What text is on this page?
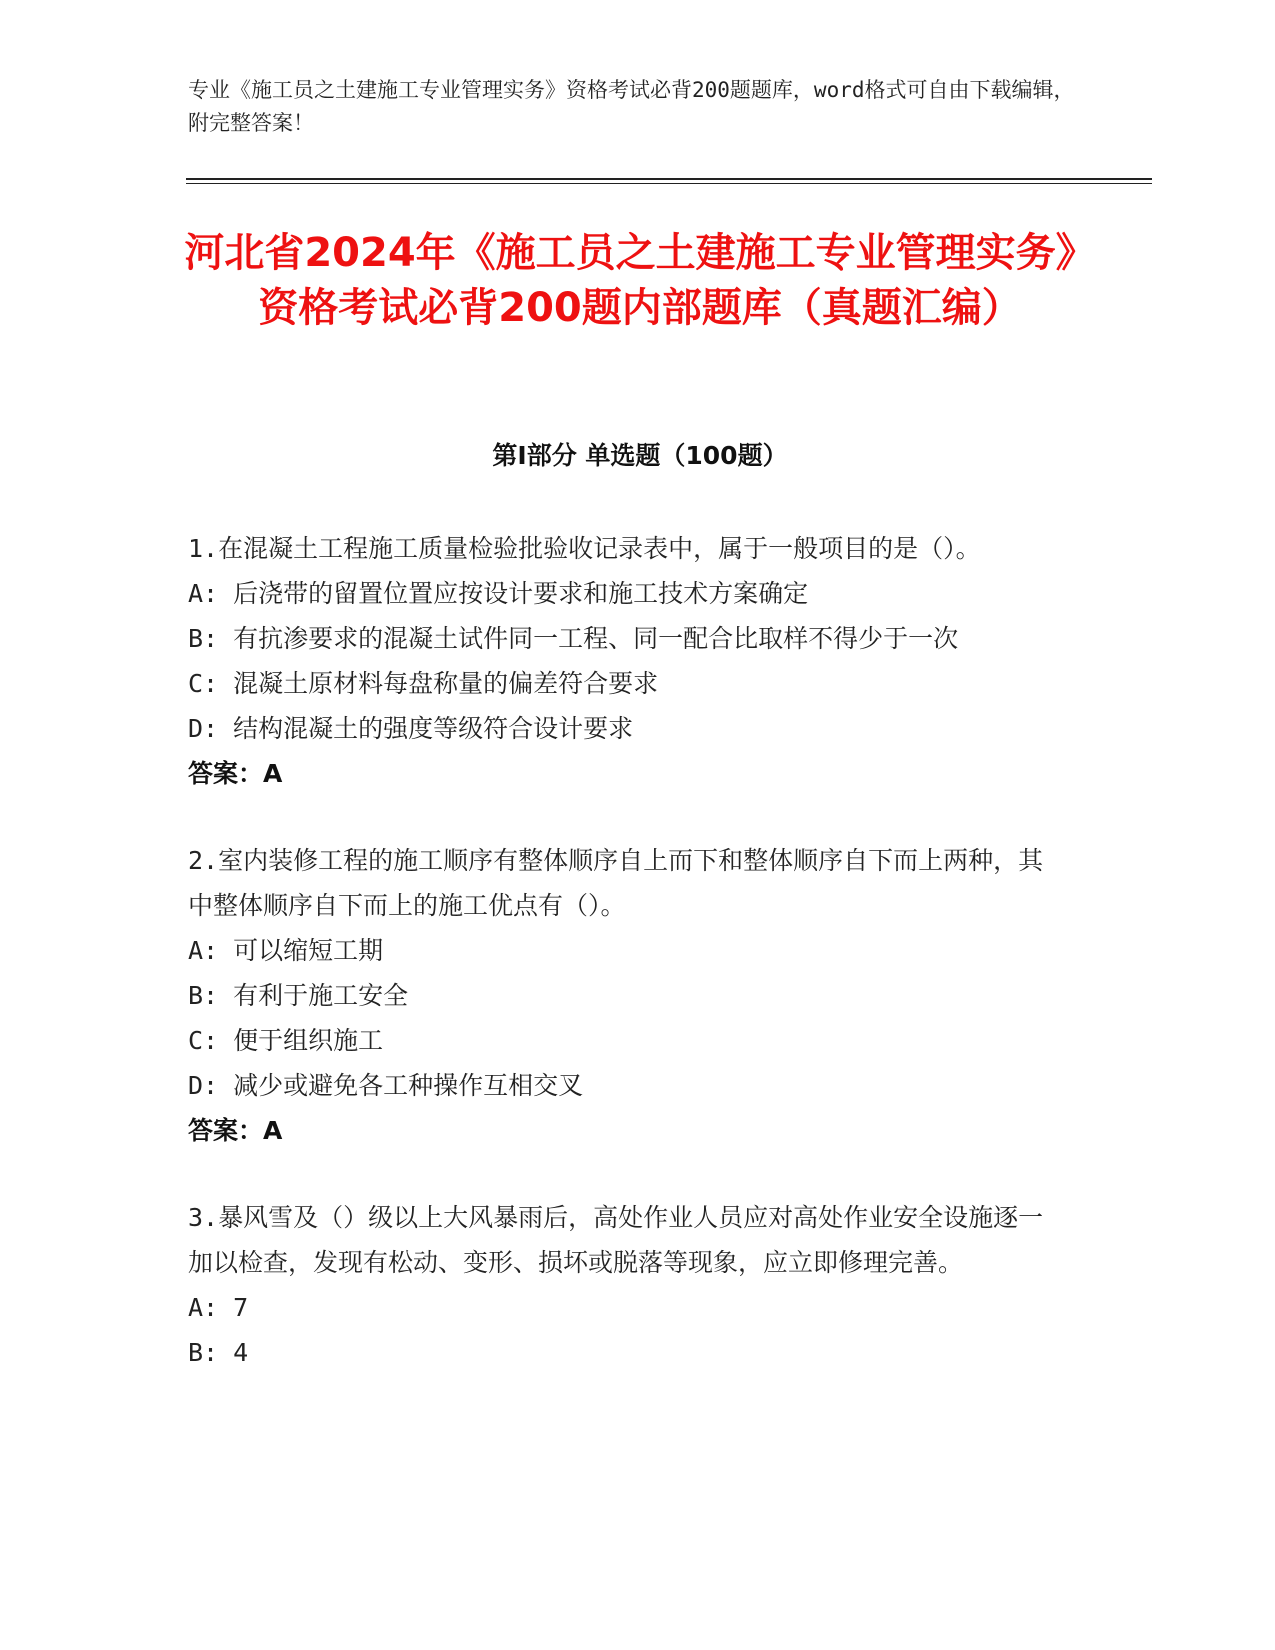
专业《施工员之土建施工专业管理实务》资格考试必背200题题库，word格式可自由下载编辑，附完整答案！
河北省2024年《施工员之土建施工专业管理实务》资格考试必背200题内部题库（真题汇编）
第Ⅰ部分 单选题（100题）
1.在混凝土工程施工质量检验批验收记录表中，属于一般项目的是（）。
A: 后浇带的留置位置应按设计要求和施工技术方案确定
B: 有抗渗要求的混凝土试件同一工程、同一配合比取样不得少于一次
C: 混凝土原材料每盘称量的偏差符合要求
D: 结构混凝土的强度等级符合设计要求
答案：A
2.室内装修工程的施工顺序有整体顺序自上而下和整体顺序自下而上两种，其中整体顺序自下而上的施工优点有（）。
A: 可以缩短工期
B: 有利于施工安全
C: 便于组织施工
D: 减少或避免各工种操作互相交叉
答案：A
3.暴风雪及（）级以上大风暴雨后，高处作业人员应对高处作业安全设施逐一加以检查，发现有松动、变形、损坏或脱落等现象，应立即修理完善。
A: 7
B: 4
